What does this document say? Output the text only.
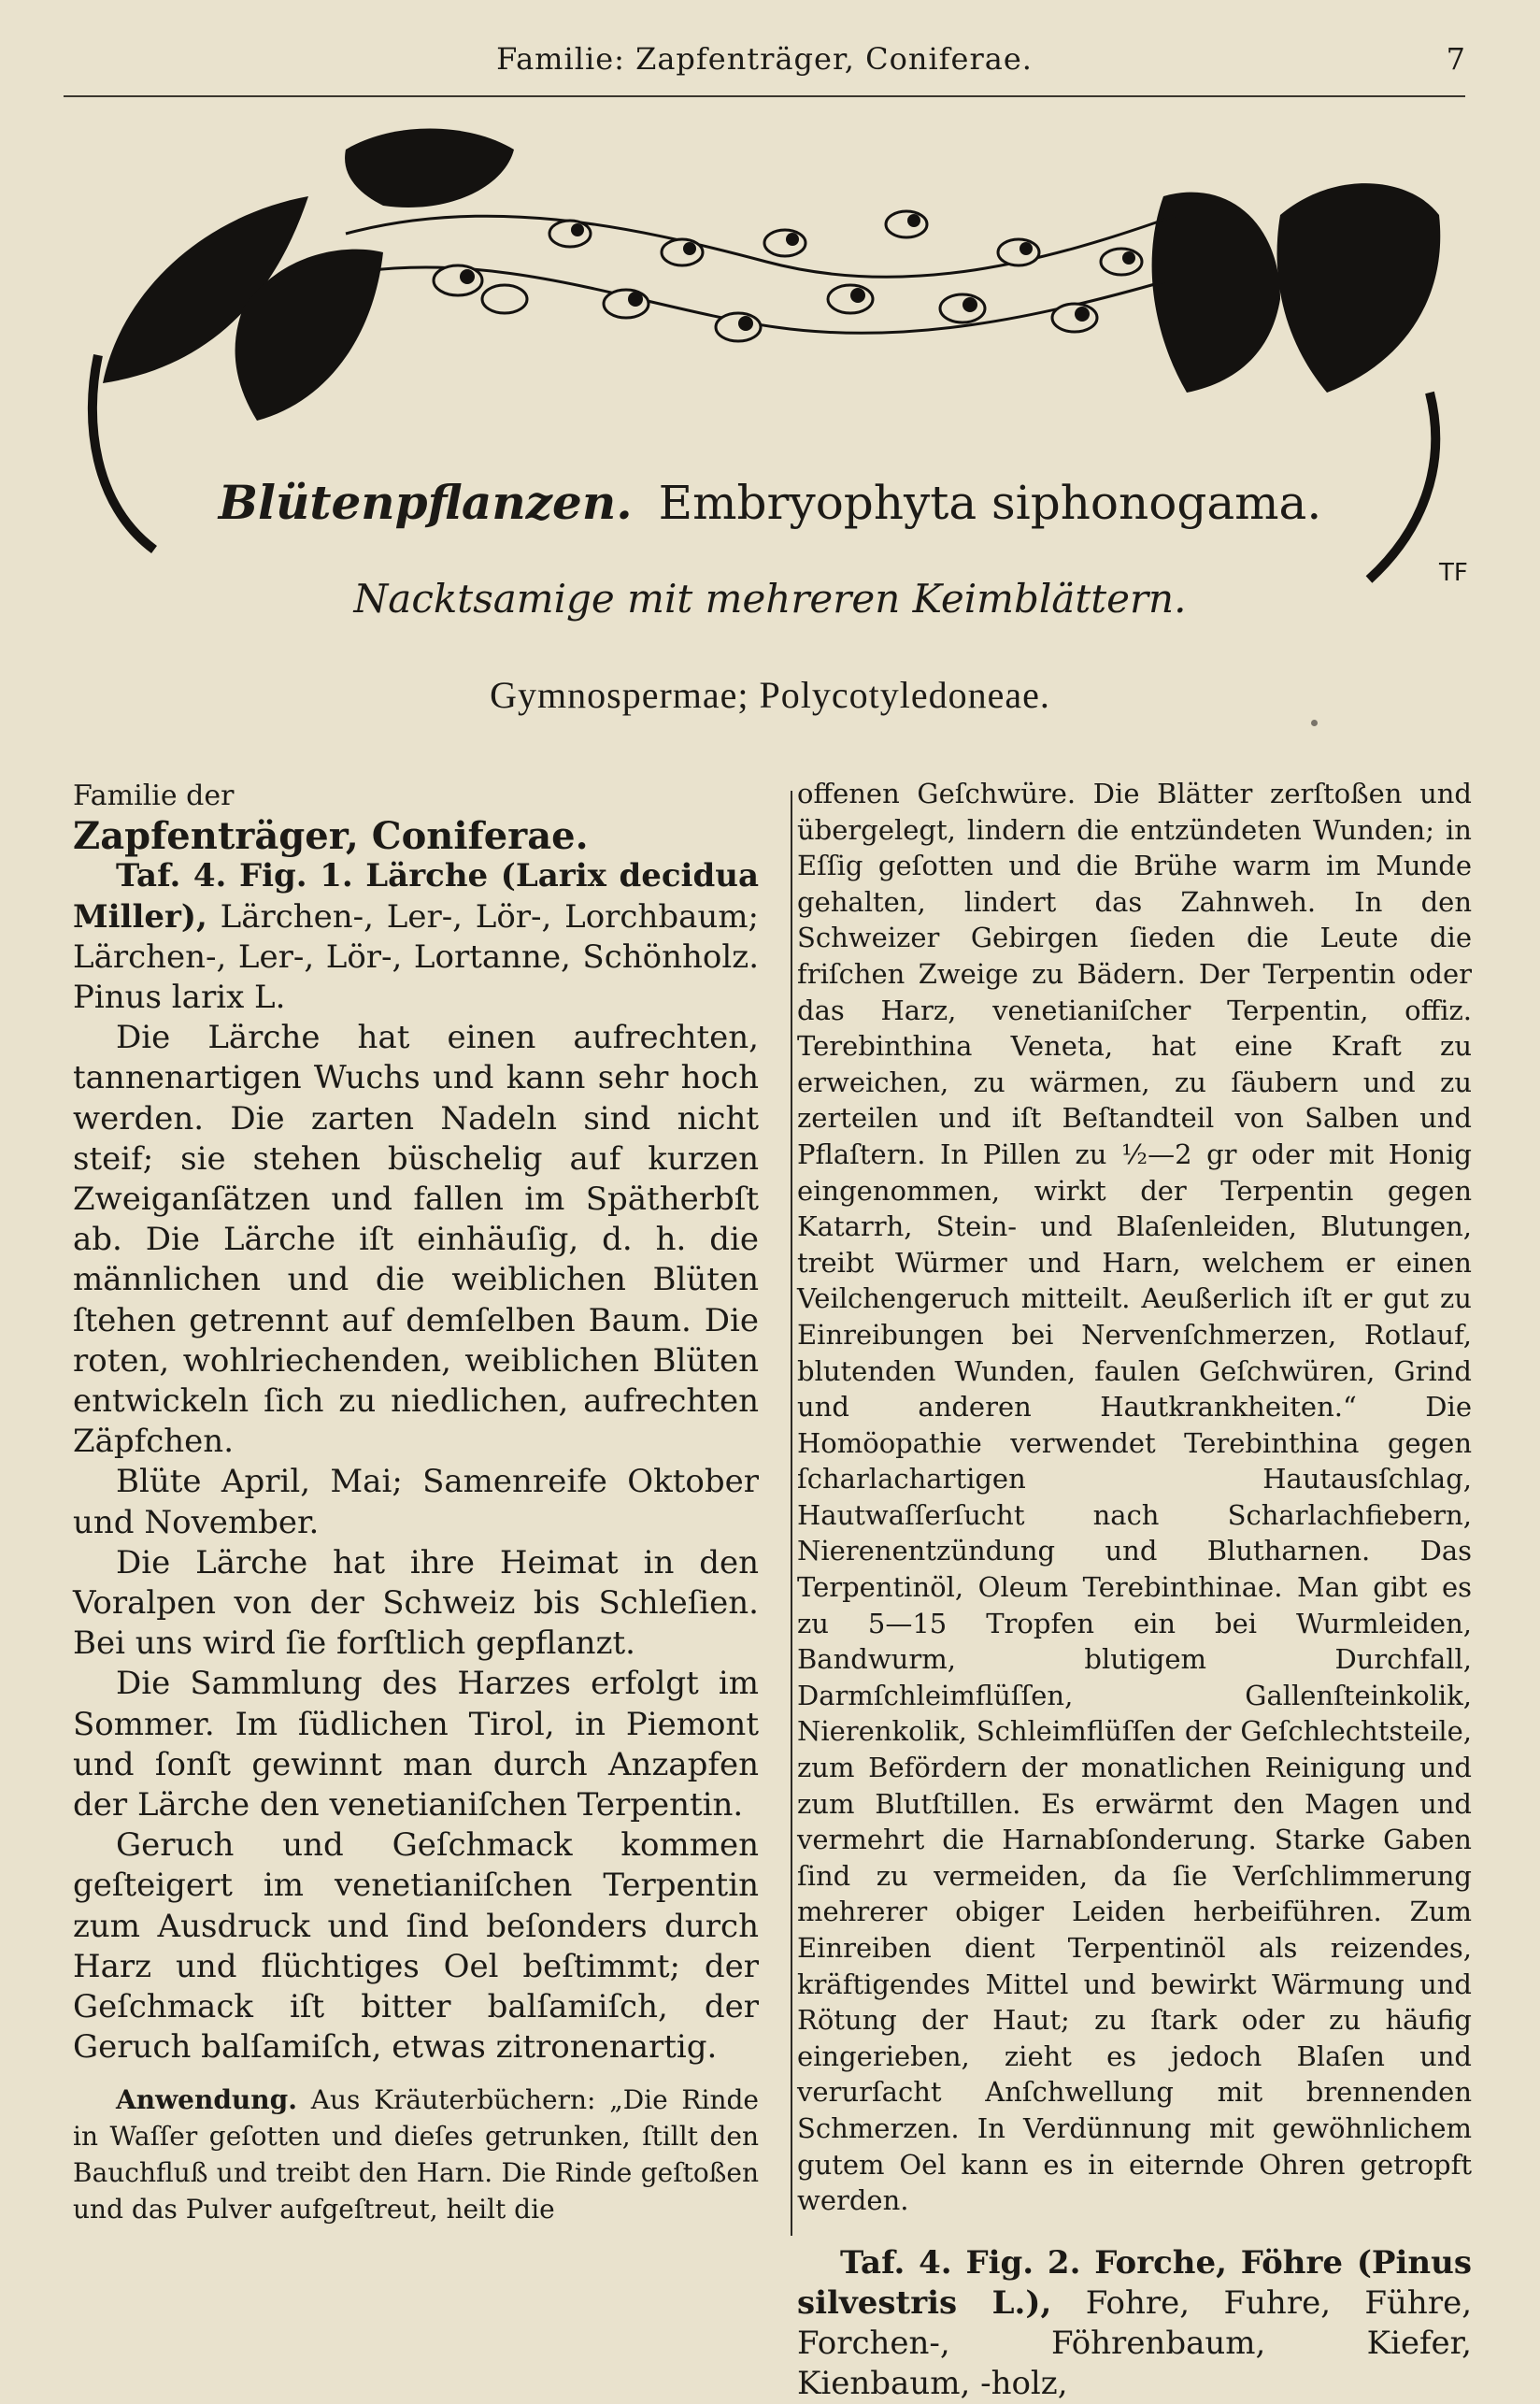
Familie: Zapfenträger, Coniferae.	7
Blütenpflanzen. Embryophyta siphonogama.
Nacktsamige mit mehreren Keimblättern.
Gymnospermae; Polycotyledoneae.
TF

Familie der

Zapfenträger, Coniferae.

Taf. 4. Fig. 1. Lärche (Larix decidua Miller), Lärchen-, Ler-, Lör-, Lorchbaum; Lärchen-, Ler-, Lör-, Lortanne, Schönholz. Pinus larix L.

Die Lärche hat einen aufrechten, tannenartigen Wuchs und kann sehr hoch werden. Die zarten Nadeln sind nicht steif; sie stehen büschelig auf kurzen Zweiganſätzen und fallen im Spätherbſt ab. Die Lärche iſt einhäuſig, d. h. die männlichen und die weiblichen Blüten ſtehen getrennt auf demſelben Baum. Die roten, wohlriechenden, weiblichen Blüten entwickeln ſich zu niedlichen, aufrechten Zäpfchen.

Blüte April, Mai; Samenreife Oktober und November.

Die Lärche hat ihre Heimat in den Voralpen von der Schweiz bis Schleſien. Bei uns wird ſie forſtlich gepflanzt.

Die Sammlung des Harzes erfolgt im Sommer. Im ſüdlichen Tirol, in Piemont und ſonſt gewinnt man durch Anzapfen der Lärche den venetianiſchen Terpentin.

Geruch und Geſchmack kommen geſteigert im venetianiſchen Terpentin zum Ausdruck und ſind beſonders durch Harz und flüchtiges Oel beſtimmt; der Geſchmack iſt bitter balſamiſch, der Geruch balſamiſch, etwas zitronenartig.

Anwendung. Aus Kräuterbüchern: „Die Rinde in Waſſer geſotten und dieſes getrunken, ſtillt den Bauchfluß und treibt den Harn. Die Rinde geſtoßen und das Pulver aufgeſtreut, heilt die

offenen Geſchwüre. Die Blätter zerſtoßen und übergelegt, lindern die entzündeten Wunden; in Eſſig geſotten und die Brühe warm im Munde gehalten, lindert das Zahnweh. In den Schweizer Gebirgen ſieden die Leute die friſchen Zweige zu Bädern. Der Terpentin oder das Harz, venetianiſcher Terpentin, offiz. Terebinthina Veneta, hat eine Kraft zu erweichen, zu wärmen, zu ſäubern und zu zerteilen und iſt Beſtandteil von Salben und Pflaſtern. In Pillen zu ½—2 gr oder mit Honig eingenommen, wirkt der Terpentin gegen Katarrh, Stein- und Blaſenleiden, Blutungen, treibt Würmer und Harn, welchem er einen Veilchengeruch mitteilt. Aeußerlich iſt er gut zu Einreibungen bei Nervenſchmerzen, Rotlauf, blutenden Wunden, faulen Geſchwüren, Grind und anderen Hautkrankheiten.“ Die Homöopathie verwendet Terebinthina gegen ſcharlachartigen Hautausſchlag, Hautwaſſerſucht nach Scharlachfiebern, Nierenentzündung und Blutharnen. Das Terpentinöl, Oleum Terebinthinae. Man gibt es zu 5—15 Tropfen ein bei Wurmleiden, Bandwurm, blutigem Durchfall, Darmſchleimflüſſen, Gallenſteinkolik, Nierenkolik, Schleimflüſſen der Geſchlechtsteile, zum Befördern der monatlichen Reinigung und zum Blutſtillen. Es erwärmt den Magen und vermehrt die Harnabſonderung. Starke Gaben ſind zu vermeiden, da ſie Verſchlimmerung mehrerer obiger Leiden herbeiführen. Zum Einreiben dient Terpentinöl als reizendes, kräftigendes Mittel und bewirkt Wärmung und Rötung der Haut; zu ſtark oder zu häufig eingerieben, zieht es jedoch Blaſen und verurſacht Anſchwellung mit brennenden Schmerzen. In Verdünnung mit gewöhnlichem gutem Oel kann es in eiternde Ohren getropft werden.

Taf. 4. Fig. 2. Forche, Föhre (Pinus silvestris L.), Fohre, Fuhre, Führe, Forchen-, Föhrenbaum, Kiefer, Kienbaum, -holz,
